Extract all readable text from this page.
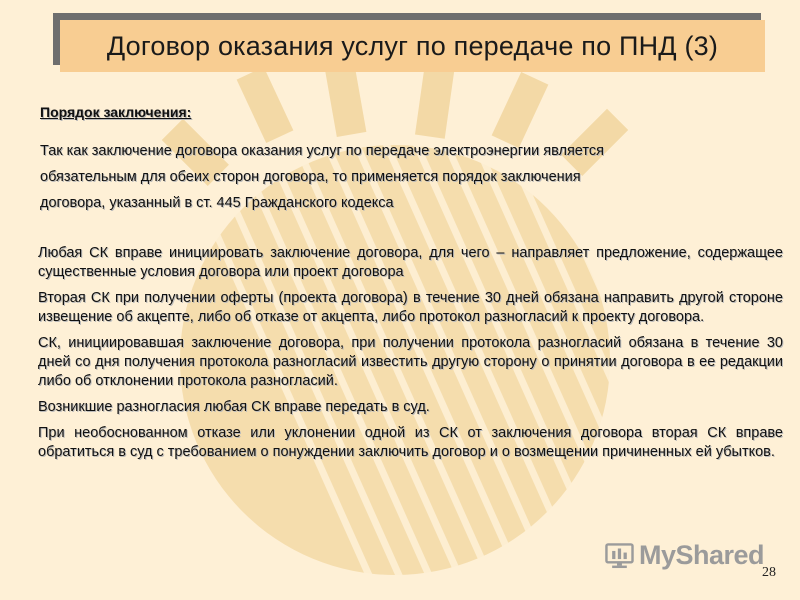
Договор оказания услуг по передаче по ПНД (3)
Порядок заключения:
Так как заключение договора оказания услуг по передаче электроэнергии является
обязательным для обеих сторон договора, то применяется порядок заключения
договора, указанный в ст. 445 Гражданского кодекса

Любая СК вправе инициировать заключение договора, для чего – направляет предложение, содержащее существенные условия договора или проект договора

Вторая СК при получении оферты (проекта договора) в течение 30 дней обязана направить другой стороне извещение об акцепте, либо об отказе от акцепта, либо протокол разногласий к проекту договора.

СК, инициировавшая заключение договора, при получении протокола разногласий обязана в течение 30 дней со дня получения протокола разногласий известить другую сторону о принятии договора в ее редакции либо об отклонении протокола разногласий.

Возникшие разногласия любая СК вправе передать в суд.

При необоснованном отказе или уклонении одной из СК от заключения договора вторая СК вправе обратиться в суд с требованием о понуждении заключить договор и о возмещении причиненных ей убытков.

MyShared
28
